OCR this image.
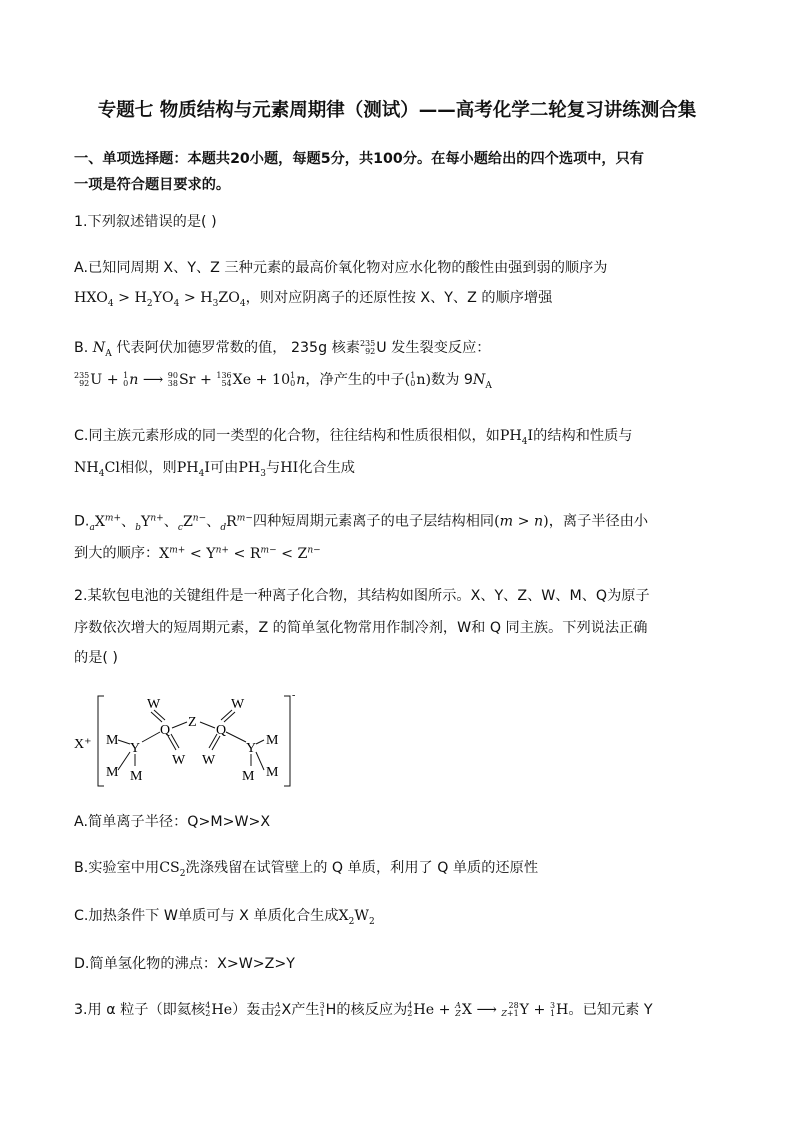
专题七 物质结构与元素周期律（测试）——高考化学二轮复习讲练测合集
一、单项选择题：本题共20小题，每题5分，共100分。在每小题给出的四个选项中，只有
一项是符合题目要求的。
1.下列叙述错误的是( )
A.已知同周期 X、Y、Z 三种元素的最高价氧化物对应水化物的酸性由强到弱的顺序为
$HXO_4 > H_2YO_4 > H_3ZO_4$，则对应阴离子的还原性按 X、Y、Z 的顺序增强
B. $N_A$ 代表阿伏加德罗常数的值， 235g 核素 235
92 U 发生裂变反应：
235
92 U + 1
0 n ⟶ 90
38 Sr + 136
54 Xe + 10 1
0 n，净产生的中子( 1
0 n)数为 $9N_A$
C.同主族元素形成的同一类型的化合物，往往结构和性质很相似，如$PH_4I$的结构和性质与
$NH_4Cl$相似，则$PH_4I$可由$PH_3$与HI化合生成
$D._aX^{m+}$、$_bY^{n+}$、$_cZ^{n-}$、$_dR^{m-}$四种短周期元素离子的电子层结构相同(m > n)，离子半径由小
到大的顺序：$X^{m+} < Y^{n+} < R^{m-} < Z^{n-}$
2.某软包电池的关键组件是一种离子化合物，其结构如图所示。X、Y、Z、W、M、Q为原子
序数依次增大的短周期元素，Z 的简单氢化物常用作制冷剂，W和 Q 同主族。下列说法正确
的是( )
X⁺
-
W	W
Q
Z
Q
W W
Y	Y
M
M M
M
M
M
A.简单离子半径：Q>M>W>X
B.实验室中用$CS_2$洗涤残留在试管壁上的 Q 单质，利用了 Q 单质的还原性
C.加热条件下 W单质可与 X 单质化合生成$X_2W_2$
D.简单氢化物的沸点：X>W>Z>Y
3.用 α 粒子（即氦核 4
2 He）轰击 A
Z X产生 3
1 H的核反应为 4
2 He + A
Z X ⟶ 28
Z+1 Y + 3
1 H。已知元素 Y
